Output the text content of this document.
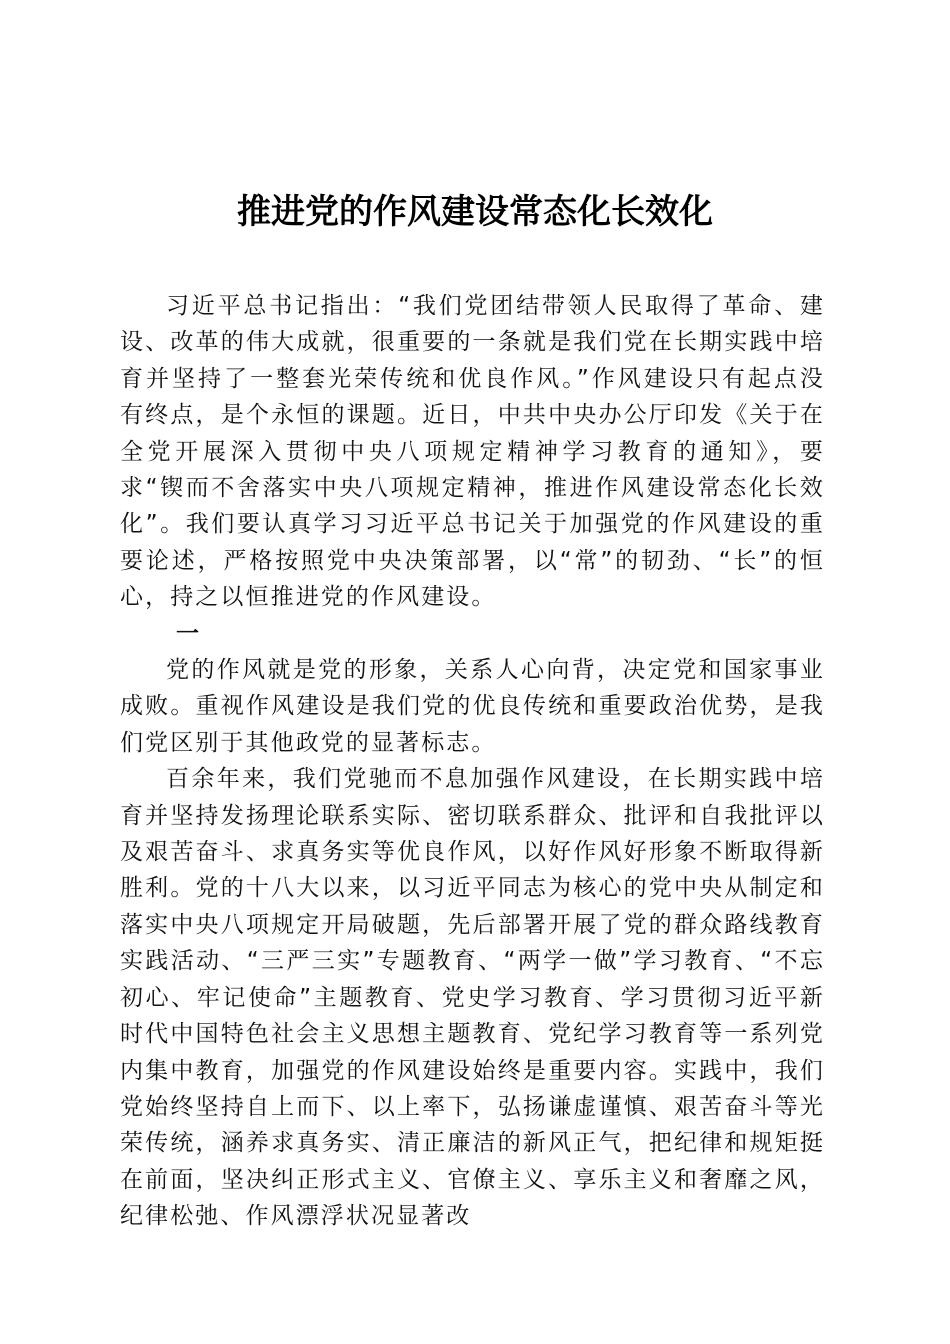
推进党的作风建设常态化长效化

习近平总书记指出：“我们党团结带领人民取得了革命、建设、改革的伟大成就，很重要的一条就是我们党在长期实践中培育并坚持了一整套光荣传统和优良作风。”作风建设只有起点没有终点，是个永恒的课题。近日，中共中央办公厅印发《关于在全党开展深入贯彻中央八项规定精神学习教育的通知》，要求“锲而不舍落实中央八项规定精神，推进作风建设常态化长效化”。我们要认真学习习近平总书记关于加强党的作风建设的重要论述，严格按照党中央决策部署，以“常”的韧劲、“长”的恒心，持之以恒推进党的作风建设。

一

党的作风就是党的形象，关系人心向背，决定党和国家事业成败。重视作风建设是我们党的优良传统和重要政治优势，是我们党区别于其他政党的显著标志。

百余年来，我们党驰而不息加强作风建设，在长期实践中培育并坚持发扬理论联系实际、密切联系群众、批评和自我批评以及艰苦奋斗、求真务实等优良作风，以好作风好形象不断取得新胜利。党的十八大以来，以习近平同志为核心的党中央从制定和落实中央八项规定开局破题，先后部署开展了党的群众路线教育实践活动、“三严三实”专题教育、“两学一做”学习教育、“不忘初心、牢记使命”主题教育、党史学习教育、学习贯彻习近平新时代中国特色社会主义思想主题教育、党纪学习教育等一系列党内集中教育，加强党的作风建设始终是重要内容。实践中，我们党始终坚持自上而下、以上率下，弘扬谦虚谨慎、艰苦奋斗等光荣传统，涵养求真务实、清正廉洁的新风正气，把纪律和规矩挺在前面，坚决纠正形式主义、官僚主义、享乐主义和奢靡之风，纪律松弛、作风漂浮状况显著改
